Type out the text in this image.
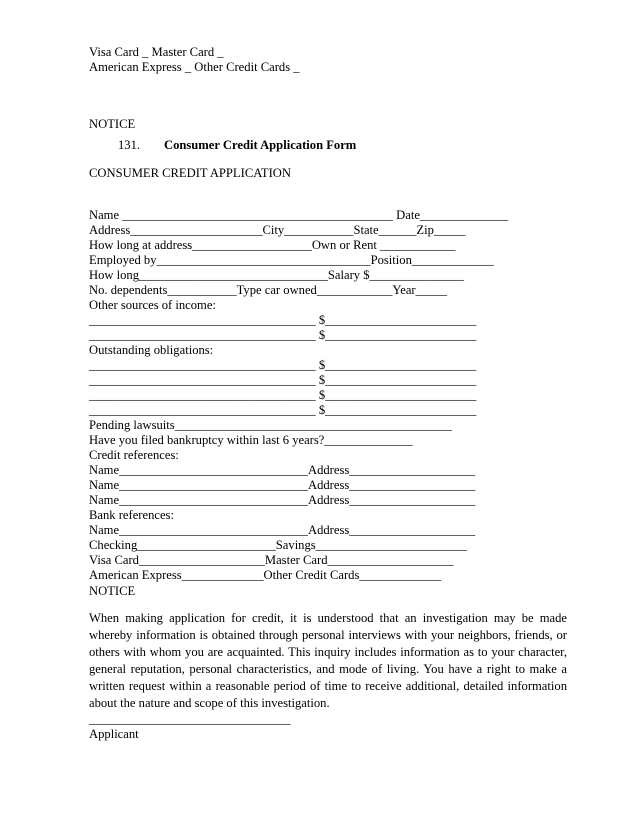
Visa Card _ Master Card _
American Express _ Other Credit Cards _
NOTICE
131. Consumer Credit Application Form
CONSUMER CREDIT APPLICATION
Name ___________________________________________ Date______________
Address_____________________City___________State______Zip_____
How long at address___________________Own or Rent ____________
Employed by__________________________________Position_____________
How long______________________________Salary $_______________
No. dependents___________Type car owned____________Year_____
Other sources of income:
____________________________________ $________________________
____________________________________ $________________________
Outstanding obligations:
____________________________________ $________________________
____________________________________ $________________________
____________________________________ $________________________
____________________________________ $________________________
Pending lawsuits____________________________________________
Have you filed bankruptcy within last 6 years?______________
Credit references:
Name______________________________Address____________________
Name______________________________Address____________________
Name______________________________Address____________________
Bank references:
Name______________________________Address____________________
Checking______________________Savings________________________
Visa Card____________________Master Card____________________
American Express_____________Other Credit Cards_____________
NOTICE
When making application for credit, it is understood that an investigation may be made whereby information is obtained through personal interviews with your neighbors, friends, or others with whom you are acquainted. This inquiry includes information as to your character, general reputation, personal characteristics, and mode of living. You have a right to make a written request within a reasonable period of time to receive additional, detailed information about the nature and scope of this investigation.
________________________________
Applicant
